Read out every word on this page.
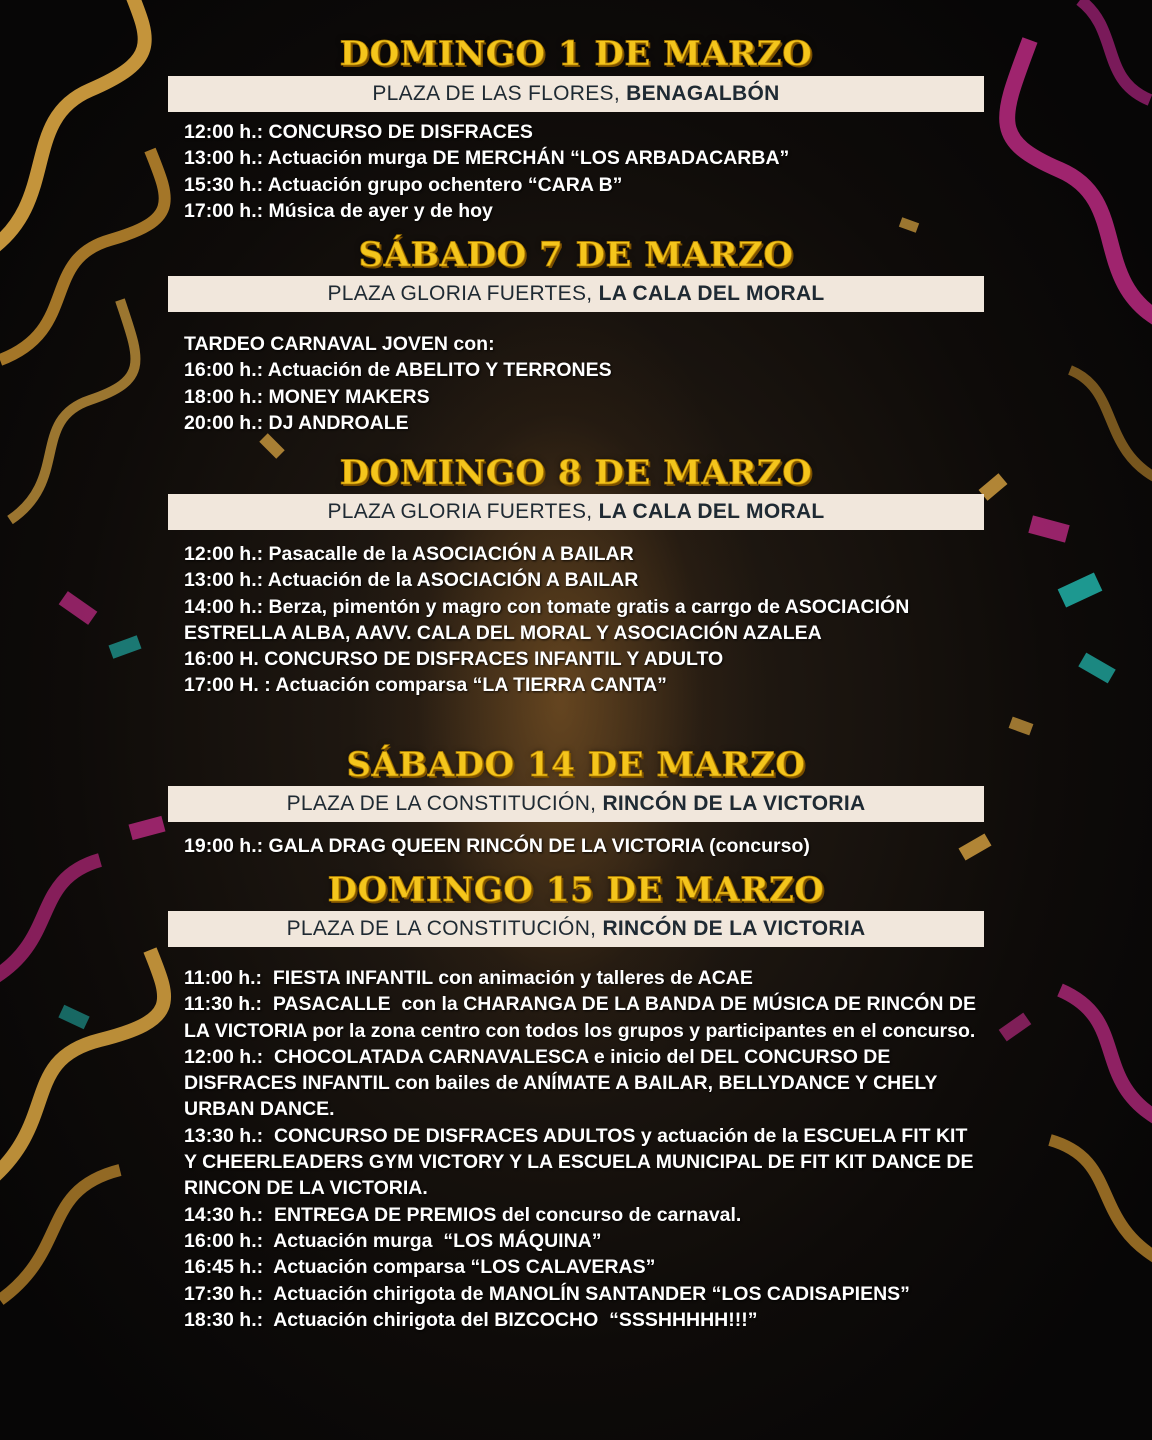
DOMINGO 1 DE MARZO
PLAZA DE LAS FLORES, BENAGALBÓN
12:00 h.: CONCURSO DE DISFRACES
13:00 h.: Actuación murga DE MERCHÁN “LOS ARBADACARBA”
15:30 h.: Actuación grupo ochentero “CARA B”
17:00 h.: Música de ayer y de hoy
SÁBADO 7 DE MARZO
PLAZA GLORIA FUERTES, LA CALA DEL MORAL
TARDEO CARNAVAL JOVEN con:
16:00 h.: Actuación de ABELITO Y TERRONES
18:00 h.: MONEY MAKERS
20:00 h.: DJ ANDROALE
DOMINGO 8 DE MARZO
PLAZA GLORIA FUERTES, LA CALA DEL MORAL
12:00 h.: Pasacalle de la ASOCIACIÓN A BAILAR
13:00 h.: Actuación de la ASOCIACIÓN A BAILAR
14:00 h.: Berza, pimentón y magro con tomate gratis a carrgo de ASOCIACIÓN ESTRELLA ALBA, AAVV. CALA DEL MORAL Y ASOCIACIÓN AZALEA
16:00 H. CONCURSO DE DISFRACES INFANTIL Y ADULTO
17:00 H. : Actuación comparsa “LA TIERRA CANTA”
SÁBADO 14 DE MARZO
PLAZA DE LA CONSTITUCIÓN, RINCÓN DE LA VICTORIA
19:00 h.: GALA DRAG QUEEN RINCÓN DE LA VICTORIA (concurso)
DOMINGO 15 DE MARZO
PLAZA DE LA CONSTITUCIÓN, RINCÓN DE LA VICTORIA
11:00 h.:  FIESTA INFANTIL con animación y talleres de ACAE
11:30 h.:  PASACALLE  con la CHARANGA DE LA BANDA DE MÚSICA DE RINCÓN DE LA VICTORIA por la zona centro con todos los grupos y participantes en el concurso.
12:00 h.:  CHOCOLATADA CARNAVALESCA e inicio del DEL CONCURSO DE DISFRACES INFANTIL con bailes de ANÍMATE A BAILAR, BELLYDANCE Y CHELY URBAN DANCE.
13:30 h.:  CONCURSO DE DISFRACES ADULTOS y actuación de la ESCUELA FIT KIT Y CHEERLEADERS GYM VICTORY Y LA ESCUELA MUNICIPAL DE FIT KIT DANCE DE RINCON DE LA VICTORIA.
14:30 h.:  ENTREGA DE PREMIOS del concurso de carnaval.
16:00 h.:  Actuación murga  “LOS MÁQUINA”
16:45 h.:  Actuación comparsa “LOS CALAVERAS”
17:30 h.:  Actuación chirigota de MANOLÍN SANTANDER “LOS CADISAPIENS”
18:30 h.:  Actuación chirigota del BIZCOCHO  “SSSHHHHH!!!”
